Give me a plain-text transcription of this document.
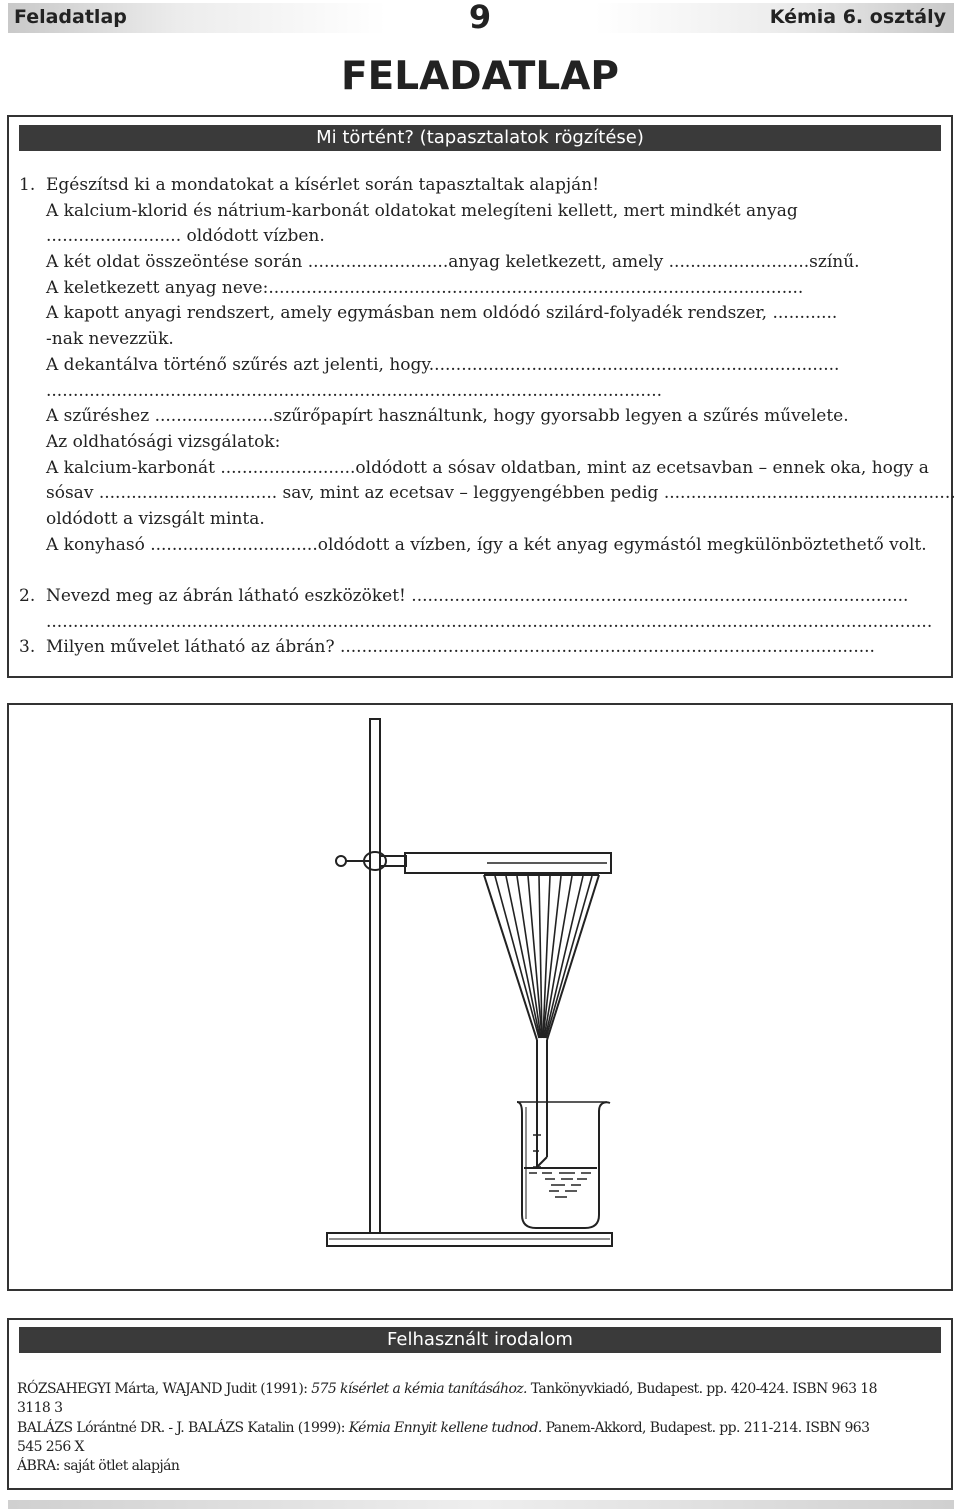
Feladatlap	9	Kémia 6. osztály
FELADATLAP
Mi történt? (tapasztalatok rögzítése)
1. Egészítsd ki a mondatokat a kísérlet során tapasztaltak alapján!
A kalcium-klorid és nátrium-karbonát oldatokat melegíteni kellett, mert mindkét anyag
......................... oldódott vízben.
A két oldat összeöntése során ..........................anyag keletkezett, amely ..........................színű.
A keletkezett anyag neve:...................................................................................................
A kapott anyagi rendszert, amely egymásban nem oldódó szilárd-folyadék rendszer, ............
-nak nevezzük.
A dekantálva történő szűrés azt jelenti, hogy............................................................................
..................................................................................................................
A szűréshez ......................szűrőpapírt használtunk, hogy gyorsabb legyen a szűrés művelete.
Az oldhatósági vizsgálatok:
A kalcium-karbonát .........................oldódott a sósav oldatban, mint az ecetsavban – ennek oka, hogy a
sósav ................................. sav, mint az ecetsav – leggyengébben pedig ......................................................
oldódott a vizsgált minta.
A konyhasó ...............................oldódott a vízben, így a két anyag egymástól megkülönböztethető volt.
2. Nevezd meg az ábrán látható eszközöket! ............................................................................................
....................................................................................................................................................................
3. Milyen művelet látható az ábrán? ...................................................................................................
Felhasznált irodalom
RÓZSAHEGYI Márta, WAJAND Judit (1991): 575 kísérlet a kémia tanításához. Tankönyvkiadó, Budapest. pp. 420-424. ISBN 963 18
3118 3
BALÁZS Lórántné DR. - J. BALÁZS Katalin (1999): Kémia Ennyit kellene tudnod. Panem-Akkord, Budapest. pp. 211-214. ISBN 963
545 256 X
ÁBRA: saját ötlet alapján
